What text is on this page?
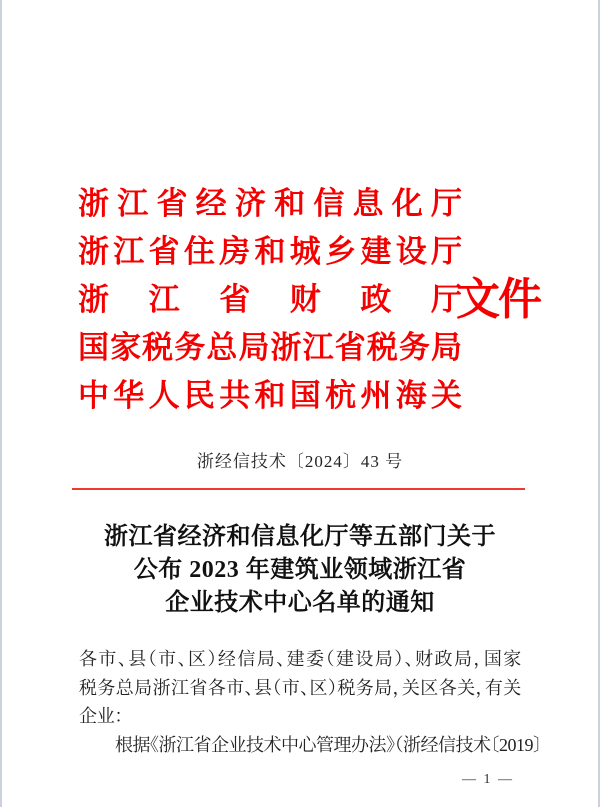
浙江省经济和信息化厅
浙江省住房和城乡建设厅
浙江省财政厅
国家税务总局浙江省税务局
中华人民共和国杭州海关
文件
浙经信技术〔2024〕43 号
浙江省经济和信息化厅等五部门关于
公布 2023 年建筑业领域浙江省
企业技术中心名单的通知
各市、县（市、区）经信局、建委（建设局）、财政局，国家
税务总局浙江省各市、县（市、区）税务局，关区各关，有关
企业：
根据《浙江省企业技术中心管理办法》（浙经信技术〔2019〕
— 1 —
